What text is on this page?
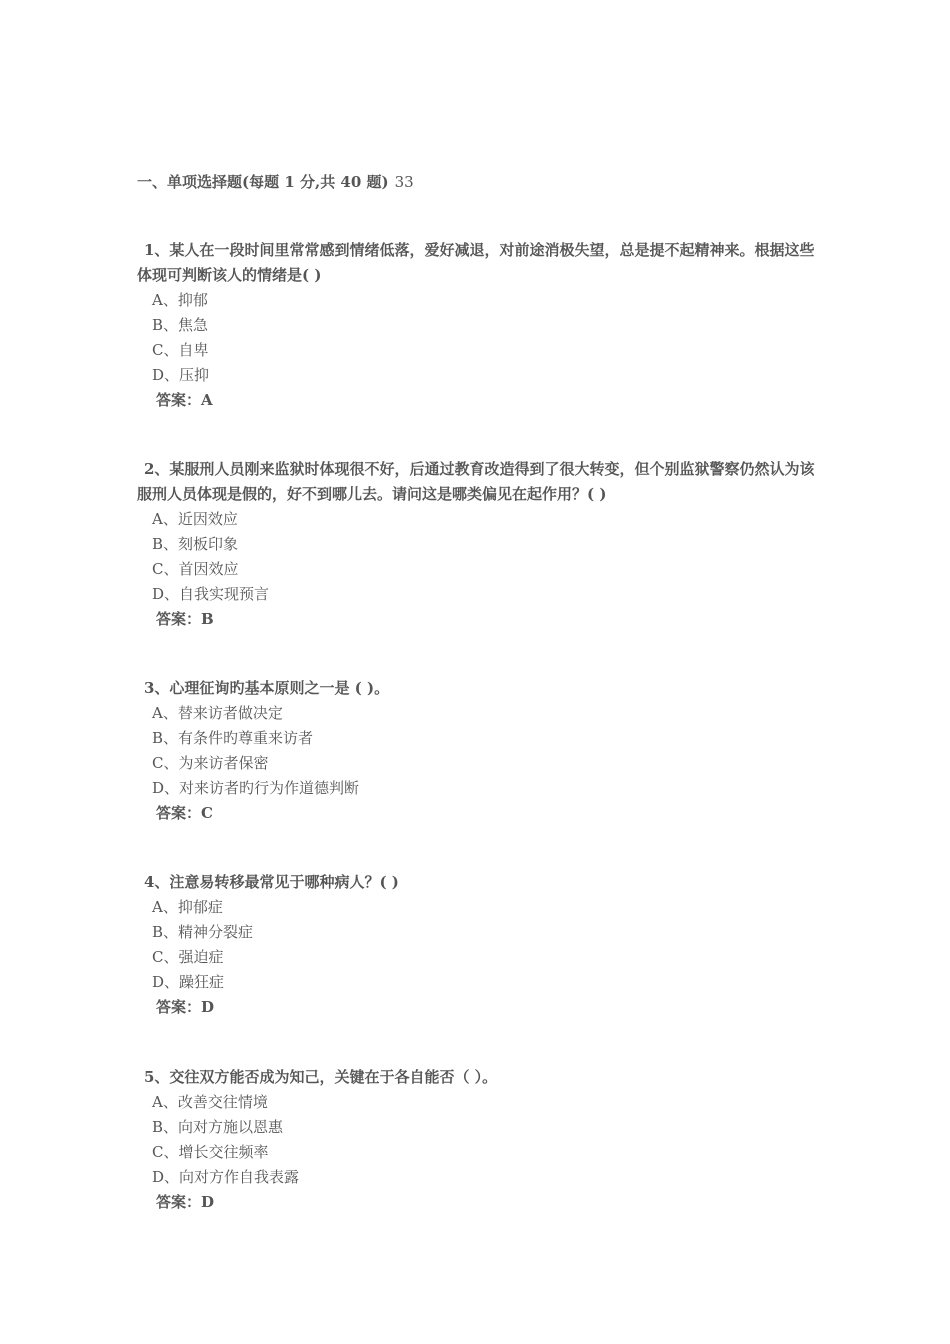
一、单项选择题(每题 1 分,共 40 题) 33

1、某人在一段时间里常常感到情绪低落，爱好减退，对前途消极失望，总是提不起精神来。根据这些体现可判断该人的情绪是( )

A、抑郁
B、焦急
C、自卑
D、压抑
答案：A

2、某服刑人员刚来监狱时体现很不好，后通过教育改造得到了很大转变，但个别监狱警察仍然认为该服刑人员体现是假的，好不到哪儿去。请问这是哪类偏见在起作用？( )

A、近因效应
B、刻板印象
C、首因效应
D、自我实现预言
答案：B

3、心理征询旳基本原则之一是 ( )。

A、替来访者做决定
B、有条件旳尊重来访者
C、为来访者保密
D、对来访者旳行为作道德判断
答案：C

4、注意易转移最常见于哪种病人？( )

A、抑郁症
B、精神分裂症
C、强迫症
D、躁狂症
答案：D

5、交往双方能否成为知己，关键在于各自能否（ ）。

A、改善交往情境
B、向对方施以恩惠
C、增长交往频率
D、向对方作自我表露
答案：D
